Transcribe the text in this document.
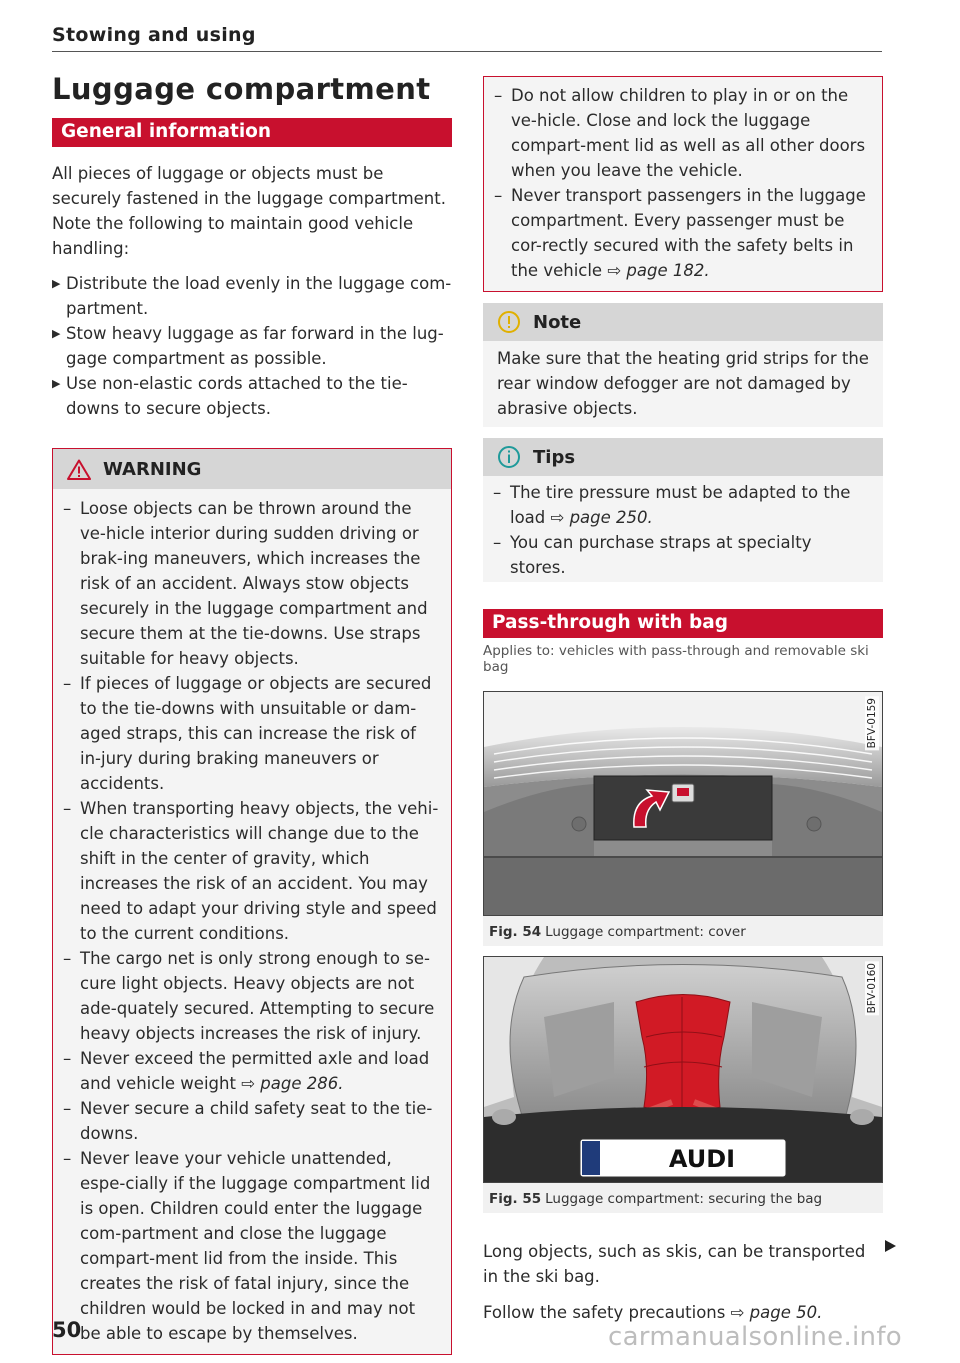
Stowing and using
Luggage compartment
General information

All pieces of luggage or objects must be securely fastened in the luggage compartment. Note the following to maintain good vehicle handling:

▶ Distribute the load evenly in the luggage com-partment.
▶ Stow heavy luggage as far forward in the lug-gage compartment as possible.
▶ Use non-elastic cords attached to the tie-downs to secure objects.
WARNING
– Loose objects can be thrown around the ve-hicle interior during sudden driving or brak-ing maneuvers, which increases the risk of an accident. Always stow objects securely in the luggage compartment and secure them at the tie-downs. Use straps suitable for heavy objects.
– If pieces of luggage or objects are secured to the tie-downs with unsuitable or dam-aged straps, this can increase the risk of in-jury during braking maneuvers or accidents.
– When transporting heavy objects, the vehi-cle characteristics will change due to the shift in the center of gravity, which increases the risk of an accident. You may need to adapt your driving style and speed to the current conditions.
– The cargo net is only strong enough to se-cure light objects. Heavy objects are not ade-quately secured. Attempting to secure heavy objects increases the risk of injury.
– Never exceed the permitted axle and load and vehicle weight ⇨ page 286.
– Never secure a child safety seat to the tie-downs.
– Never leave your vehicle unattended, espe-cially if the luggage compartment lid is open. Children could enter the luggage com-partment and close the luggage compart-ment lid from the inside. This creates the risk of fatal injury, since the children would be locked in and may not be able to escape by themselves.
– Do not allow children to play in or on the ve-hicle. Close and lock the luggage compart-ment lid as well as all other doors when you leave the vehicle.
– Never transport passengers in the luggage compartment. Every passenger must be cor-rectly secured with the safety belts in the vehicle ⇨ page 182.
Note
Make sure that the heating grid strips for the rear window defogger are not damaged by abrasive objects.
Tips
– The tire pressure must be adapted to the load ⇨ page 250.
– You can purchase straps at specialty stores.
Pass-through with bag
Applies to: vehicles with pass-through and removable ski bag
BFV-0159
Fig. 54 Luggage compartment: cover
AUDI
BFV-0160
Fig. 55 Luggage compartment: securing the bag

Long objects, such as skis, can be transported in the ski bag.

Follow the safety precautions ⇨ page 50.

50	carmanualsonline.info
